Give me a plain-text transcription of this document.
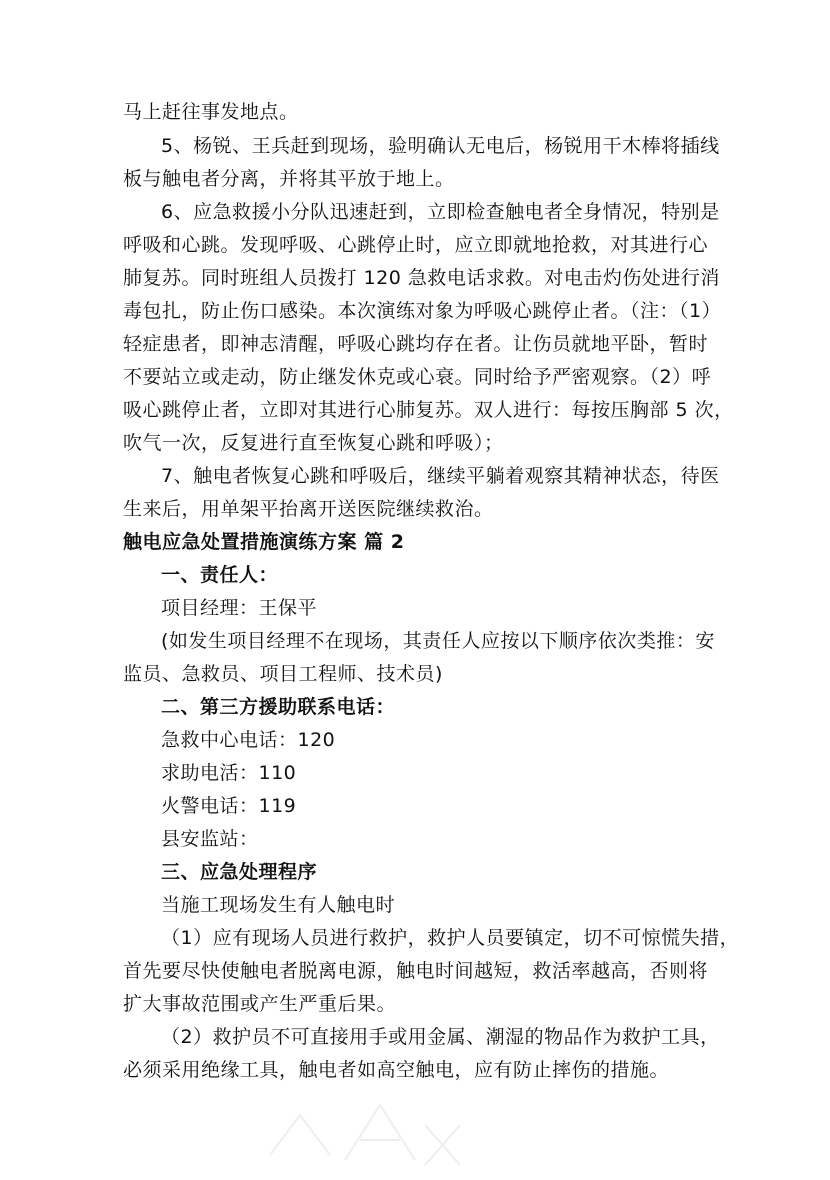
马上赶往事发地点。
5、杨锐、王兵赶到现场，验明确认无电后，杨锐用干木棒将插线
板与触电者分离，并将其平放于地上。
6、应急救援小分队迅速赶到，立即检查触电者全身情况，特别是
呼吸和心跳。发现呼吸、心跳停止时，应立即就地抢救，对其进行心
肺复苏。同时班组人员拨打 120 急救电话求救。对电击灼伤处进行消
毒包扎，防止伤口感染。本次演练对象为呼吸心跳停止者。（注：（1）
轻症患者，即神志清醒，呼吸心跳均存在者。让伤员就地平卧，暂时
不要站立或走动，防止继发休克或心衰。同时给予严密观察。（2）呼
吸心跳停止者，立即对其进行心肺复苏。双人进行：每按压胸部 5 次，
吹气一次，反复进行直至恢复心跳和呼吸）；
7、触电者恢复心跳和呼吸后，继续平躺着观察其精神状态，待医
生来后，用单架平抬离开送医院继续救治。
触电应急处置措施演练方案 篇 2
一、责任人：
项目经理：王保平
(如发生项目经理不在现场，其责任人应按以下顺序依次类推：安
监员、急救员、项目工程师、技术员)
二、第三方援助联系电话：
急救中心电话：120
求助电活：110
火警电话：119
县安监站：
三、应急处理程序
当施工现场发生有人触电时
（1）应有现场人员进行救护，救护人员要镇定，切不可惊慌失措，
首先要尽快使触电者脱离电源，触电时间越短，救活率越高，否则将
扩大事故范围或产生严重后果。
（2）救护员不可直接用手或用金属、潮湿的物品作为救护工具，
必须采用绝缘工具，触电者如高空触电，应有防止摔伤的措施。
